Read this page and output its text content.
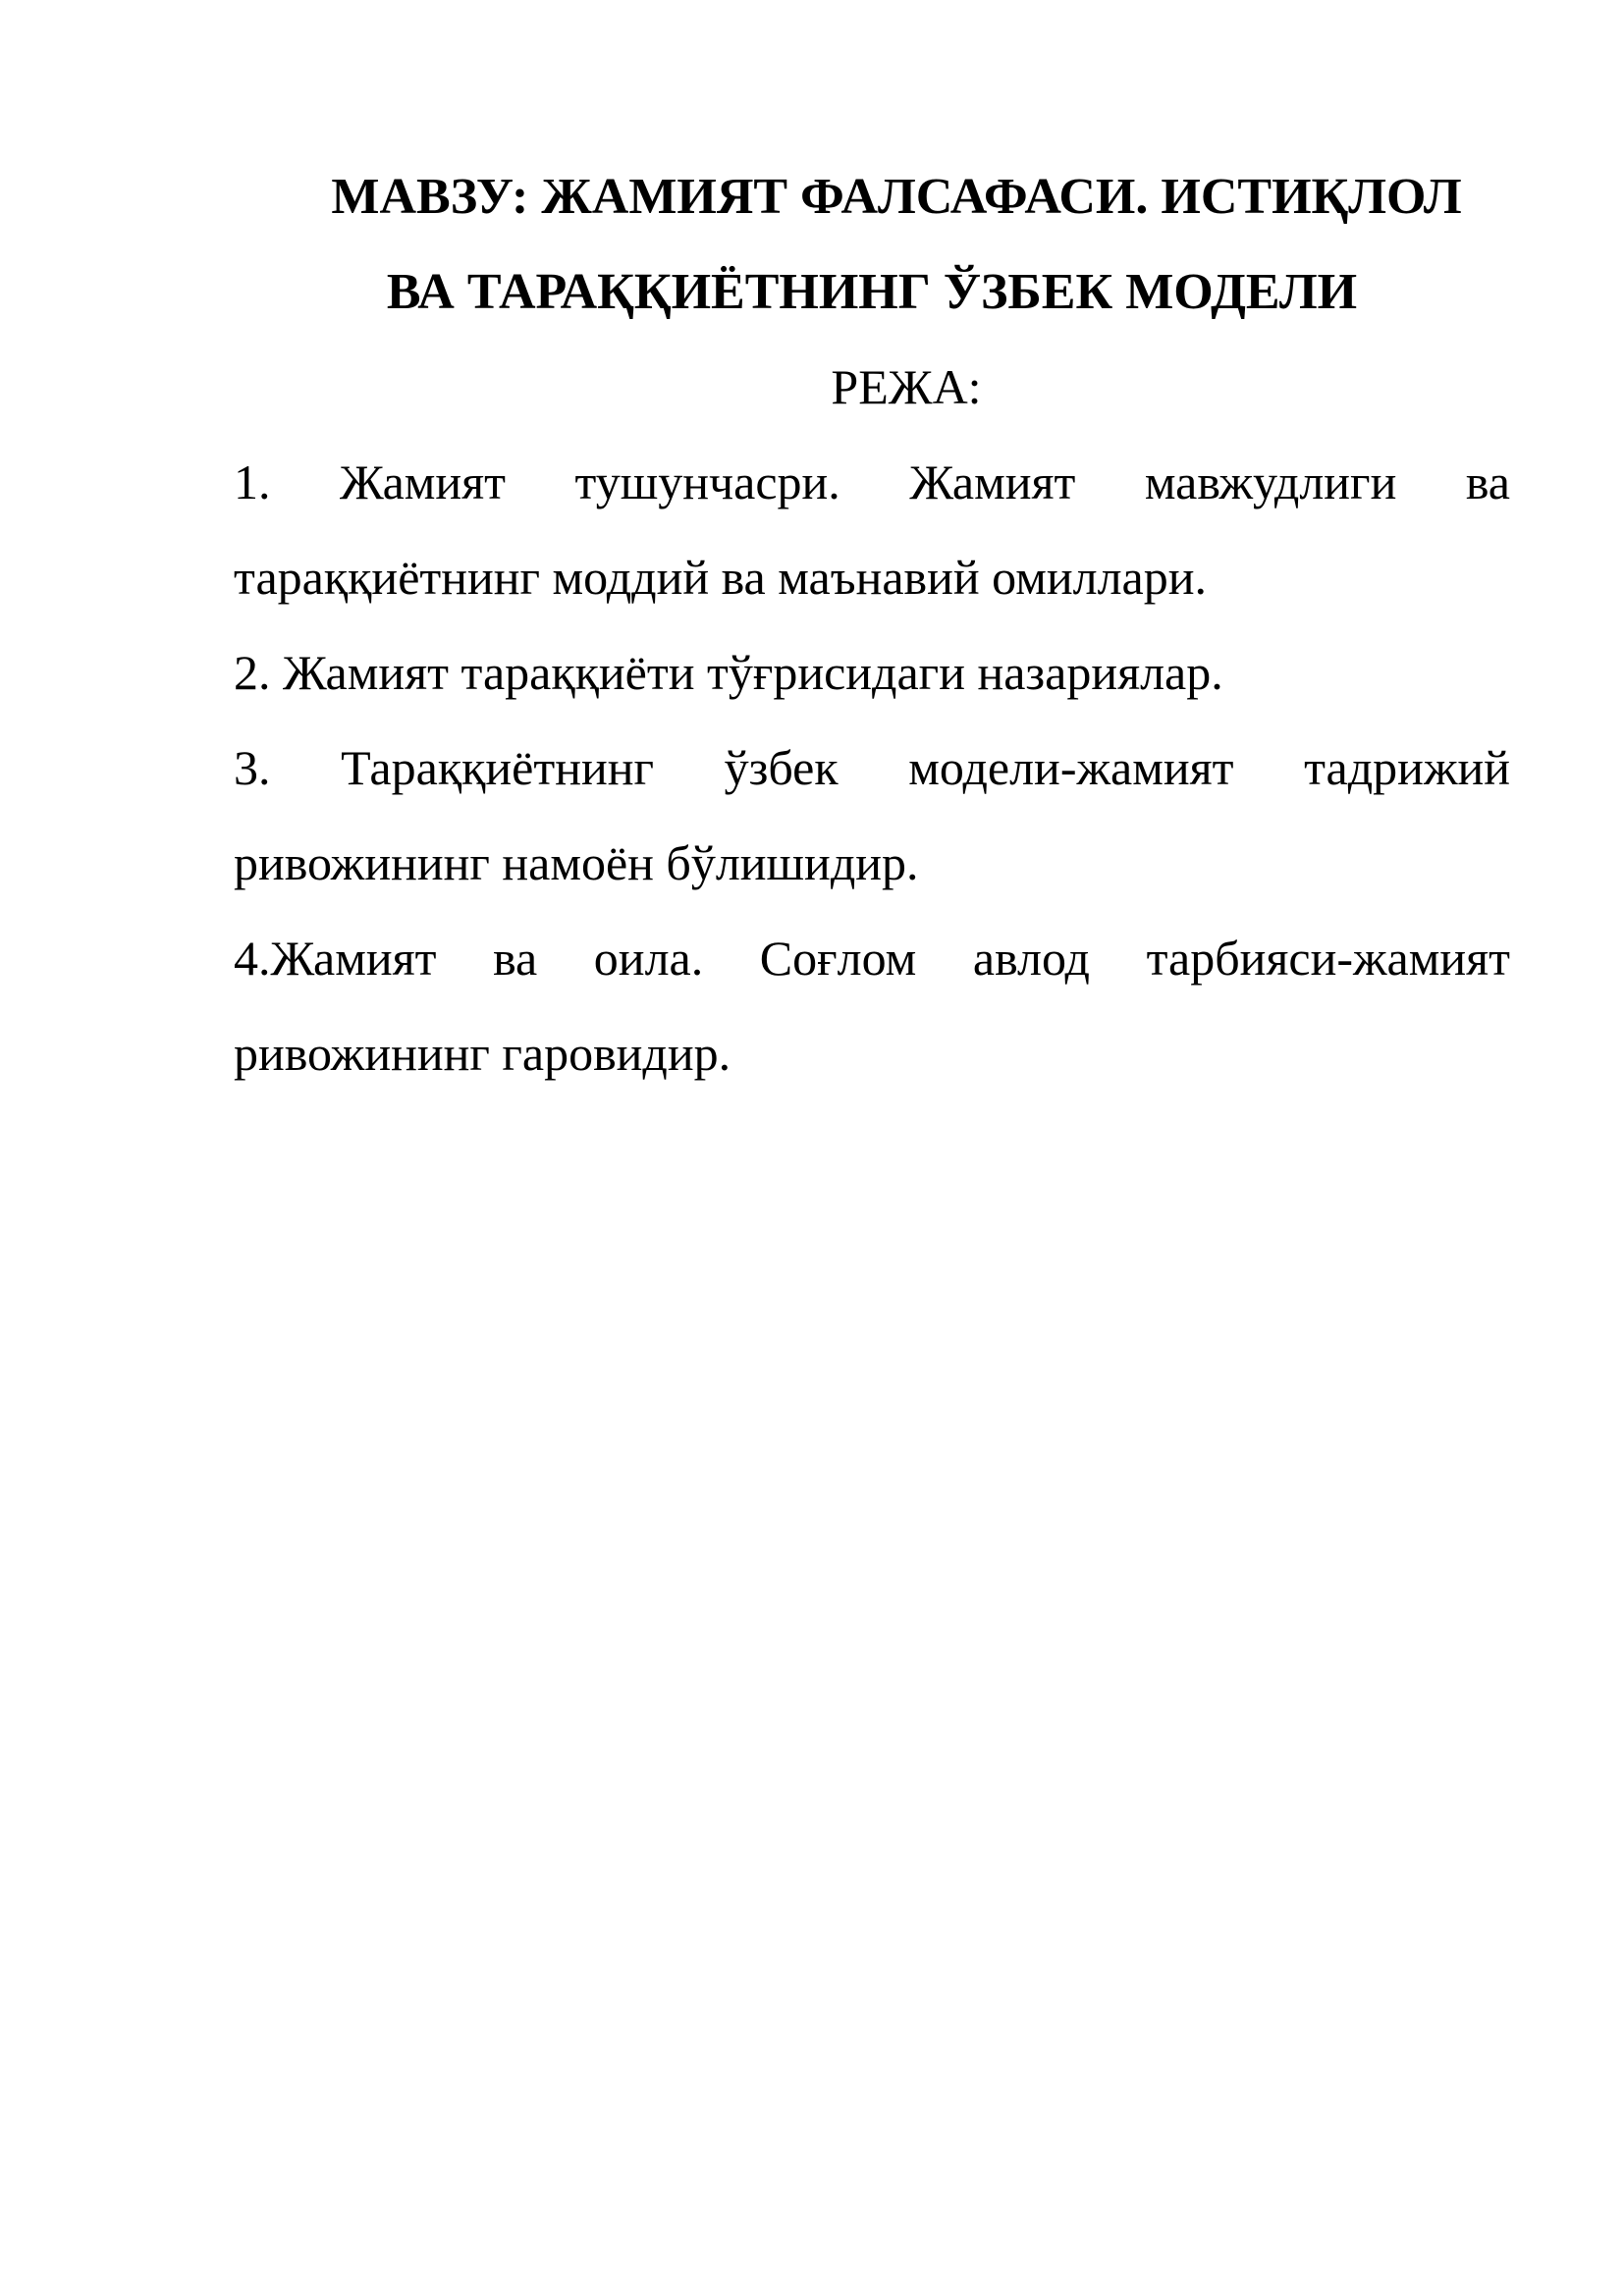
МАВЗУ: ЖАМИЯТ ФАЛСАФАСИ. ИСТИҚЛОЛ

ВА ТАРАҚҚИЁТНИНГ ЎЗБЕК МОДЕЛИ

РЕЖА:

1. Жамият тушунчасри. Жамият мавжудлиги ва тараққиётнинг моддий ва маънавий омиллари.

2. Жамият тараққиёти тўғрисидаги назариялар.

3. Тараққиётнинг ўзбек модели-жамият тадрижий ривожининг намоён бўлишидир.

4.Жамият ва оила. Соғлом авлод тарбияси-жамият ривожининг гаровидир.
